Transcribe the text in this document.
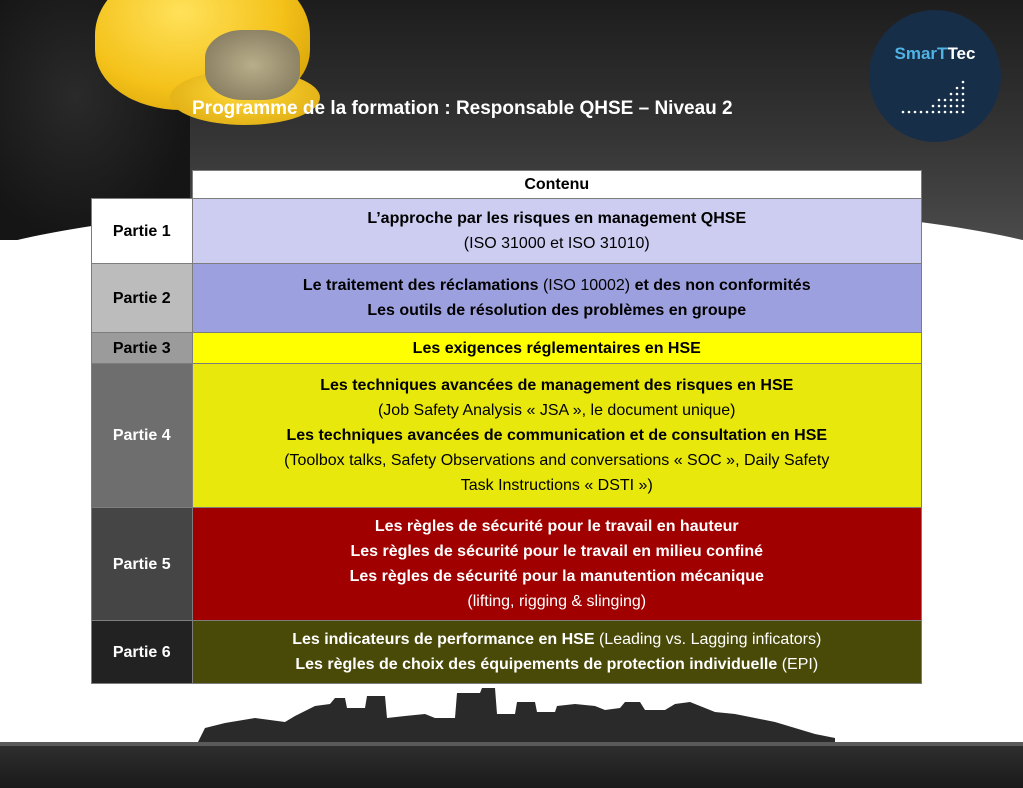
Programme de la formation : Responsable QHSE – Niveau 2
SmarTTec
	Contenu
Partie 1	L’approche par les risques en management QHSE
(ISO 31000 et ISO 31010)

Partie 2	Le traitement des réclamations (ISO 10002) et des non conformités
Les outils de résolution des problèmes en groupe

Partie 3	Les exigences réglementaires en HSE

Partie 4	Les techniques avancées de management des risques en HSE
(Job Safety Analysis « JSA », le document unique)
Les techniques avancées de communication et de consultation en HSE
(Toolbox talks, Safety Observations and conversations « SOC », Daily Safety
Task Instructions « DSTI »)

Partie 5	Les règles de sécurité pour le travail en hauteur
Les règles de sécurité pour le travail en milieu confiné
Les règles de sécurité pour la manutention mécanique
(lifting, rigging & slinging)

Partie 6	Les indicateurs de performance en HSE (Leading vs. Lagging inficators)
Les règles de choix des équipements de protection individuelle (EPI)
